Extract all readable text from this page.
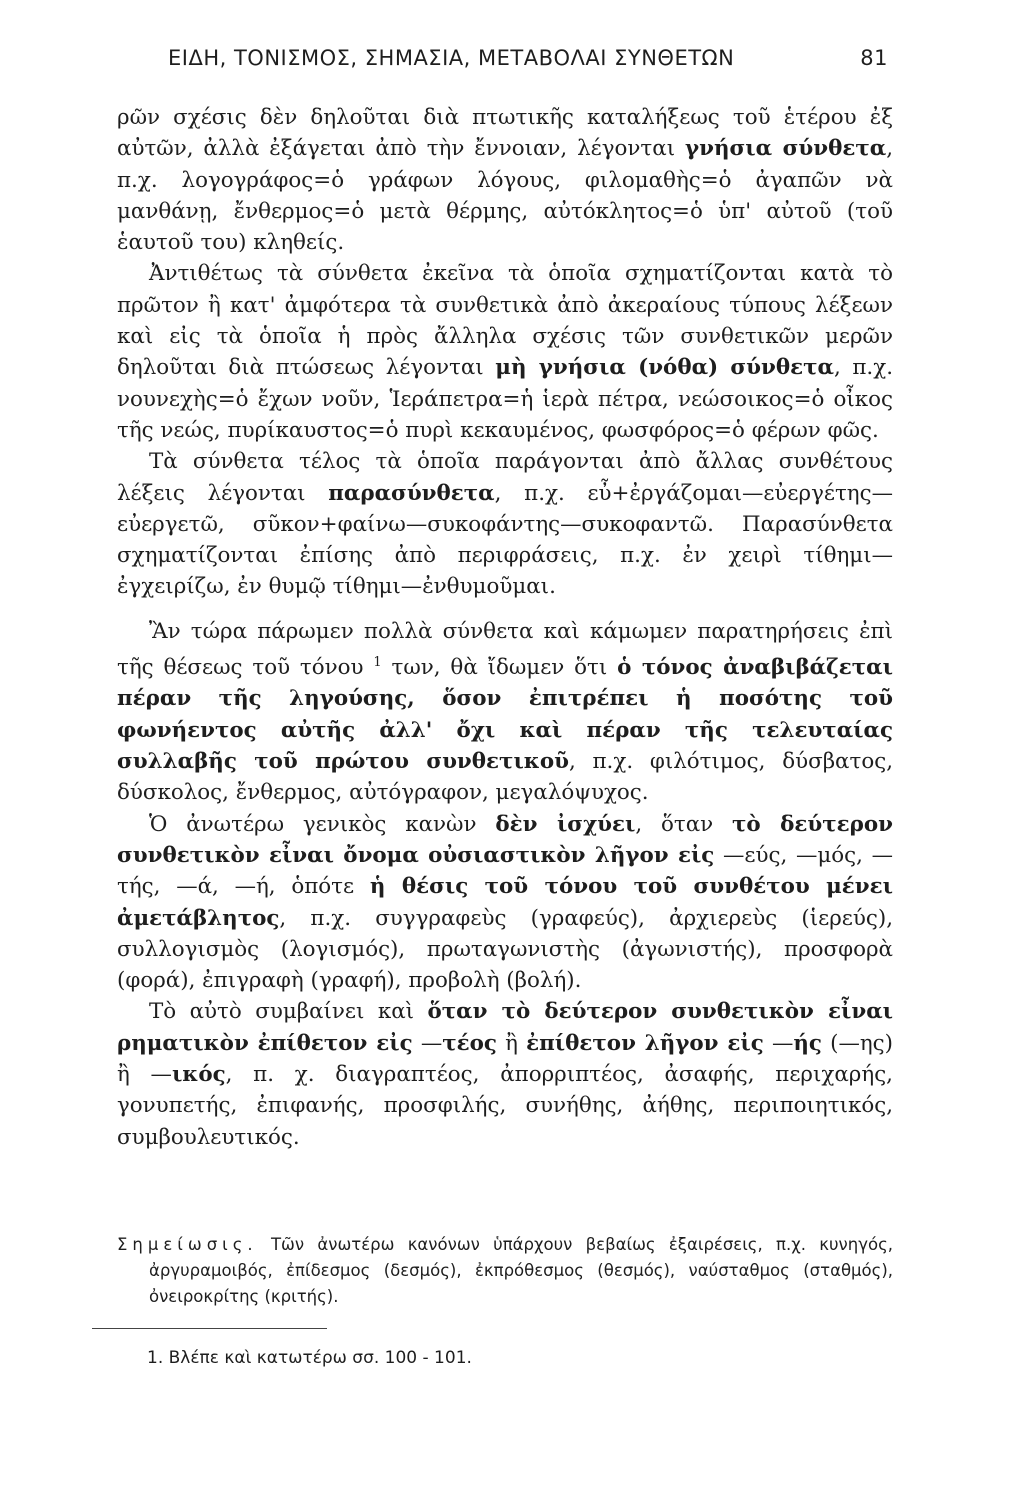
ΕΙΔΗ, ΤΟΝΙΣΜΟΣ, ΣΗΜΑΣΙΑ, ΜΕΤΑΒΟΛΑΙ ΣΥΝΘΕΤΩΝ	81

ρῶν σχέσις δὲν δηλοῦται διὰ πτωτικῆς καταλήξεως τοῦ ἑτέρου ἐξ αὐτῶν, ἀλλὰ ἐξάγεται ἀπὸ τὴν ἔννοιαν, λέγονται γνήσια σύνθετα, π.χ. λογογράφος=ὁ γράφων λόγους, φιλομαθὴς=ὁ ἀγαπῶν νὰ μανθάνῃ, ἔνθερμος=ὁ μετὰ θέρμης, αὐτόκλητος=ὁ ὑπ' αὐτοῦ (τοῦ ἑαυτοῦ του) κληθείς.

Ἀντιθέτως τὰ σύνθετα ἐκεῖνα τὰ ὁποῖα σχηματίζονται κατὰ τὸ πρῶτον ἢ κατ' ἀμφότερα τὰ συνθετικὰ ἀπὸ ἀκεραίους τύπους λέξεων καὶ εἰς τὰ ὁποῖα ἡ πρὸς ἄλληλα σχέσις τῶν συνθετικῶν μερῶν δηλοῦται διὰ πτώσεως λέγονται μὴ γνήσια (νόθα) σύνθετα, π.χ. νουνεχὴς=ὁ ἔχων νοῦν, Ἱεράπετρα=ἡ ἱερὰ πέτρα, νεώσοικος=ὁ οἶκος τῆς νεώς, πυρίκαυστος=ὁ πυρὶ κεκαυμένος, φωσφόρος=ὁ φέρων φῶς.

Τὰ σύνθετα τέλος τὰ ὁποῖα παράγονται ἀπὸ ἄλλας συνθέτους λέξεις λέγονται παρασύνθετα, π.χ. εὖ+ἐργάζομαι—εὐεργέτης—εὐεργετῶ, σῦκον+φαίνω—συκοφάντης—συκοφαντῶ. Παρασύνθετα σχηματίζονται ἐπίσης ἀπὸ περιφράσεις, π.χ. ἐν χειρὶ τίθημι—ἐγχειρίζω, ἐν θυμῷ τίθημι—ἐνθυμοῦμαι.

Ἂν τώρα πάρωμεν πολλὰ σύνθετα καὶ κάμωμεν παρατηρήσεις ἐπὶ τῆς θέσεως τοῦ τόνου $^1$ των, θὰ ἴδωμεν ὅτι ὁ τόνος ἀναβιβάζεται πέραν τῆς ληγούσης, ὅσον ἐπιτρέπει ἡ ποσότης τοῦ φωνήεντος αὐτῆς ἀλλ' ὄχι καὶ πέραν τῆς τελευταίας συλλαβῆς τοῦ πρώτου συνθετικοῦ, π.χ. φιλότιμος, δύσβατος, δύσκολος, ἔνθερμος, αὐτόγραφον, μεγαλόψυχος.

Ὁ ἀνωτέρω γενικὸς κανὼν δὲν ἰσχύει, ὅταν τὸ δεύτερον συνθετικὸν εἶναι ὄνομα οὐσιαστικὸν λῆγον εἰς —εύς, —μός, —τής, —ά, —ή, ὁπότε ἡ θέσις τοῦ τόνου τοῦ συνθέτου μένει ἀμετάβλητος, π.χ. συγγραφεὺς (γραφεύς), ἀρχιερεὺς (ἱερεύς), συλλογισμὸς (λογισμός), πρωταγωνιστὴς (ἀγωνιστής), προσφορὰ (φορά), ἐπιγραφὴ (γραφή), προβολὴ (βολή).

Τὸ αὐτὸ συμβαίνει καὶ ὅταν τὸ δεύτερον συνθετικὸν εἶναι ρηματικὸν ἐπίθετον εἰς —τέος ἢ ἐπίθετον λῆγον εἰς —ής (—ης) ἢ —ικός, π. χ. διαγραπτέος, ἀπορριπτέος, ἀσαφής, περιχαρής, γονυπετής, ἐπιφανής, προσφιλής, συνήθης, ἀήθης, περιποιητικός, συμβουλευτικός.

Σημείωσις. Τῶν ἀνωτέρω κανόνων ὑπάρχουν βεβαίως ἐξαιρέσεις, π.χ. κυνηγός, ἀργυραμοιβός, ἐπίδεσμος (δεσμός), ἐκπρόθεσμος (θεσμός), ναύσταθμος (σταθμός), ὀνειροκρίτης (κριτής).

1. Βλέπε καὶ κατωτέρω σσ. 100 - 101.
